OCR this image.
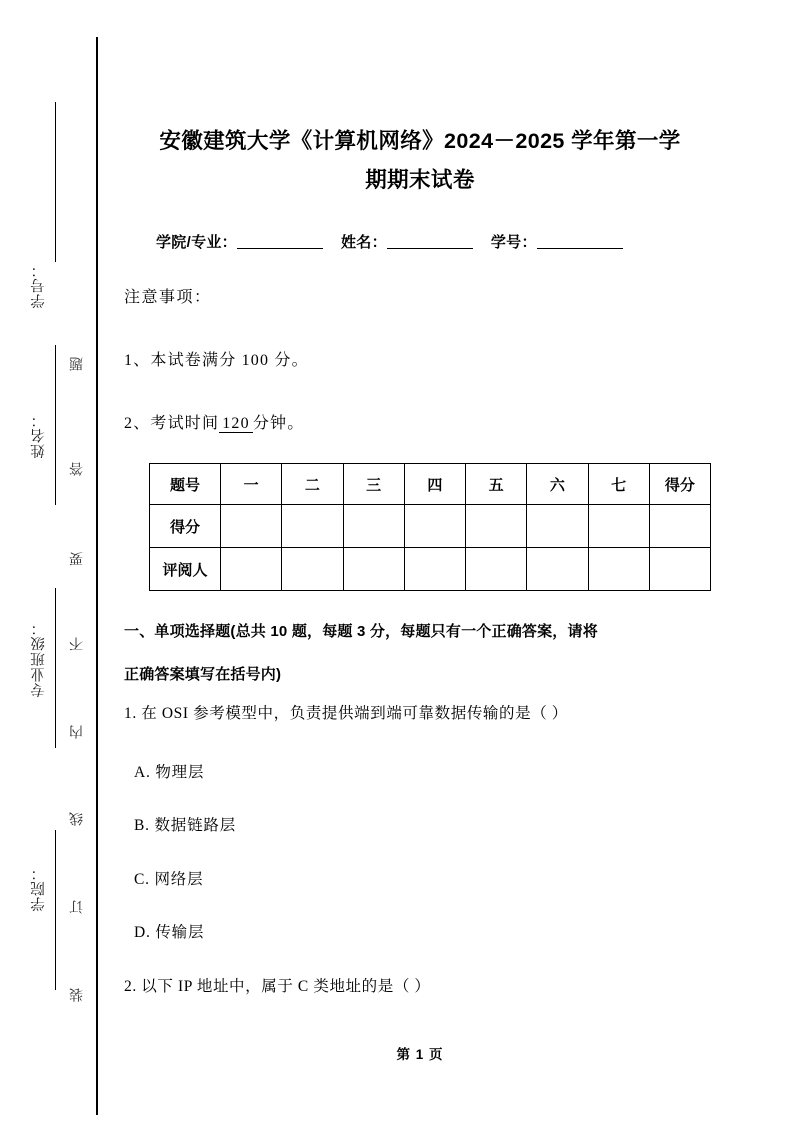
学号：
姓名：
专业班级：
学院：
题
答
要
不
内
线
订
装
安徽建筑大学《计算机网络》2024－2025 学年第一学
期期末试卷
学院/专业：	姓名：	学号：
注意事项：
1、本试卷满分 100 分。
2、考试时间 120 分钟。
题号	一	二	三	四	五	六	七	得分
得分								
评阅人								
一、单项选择题(总共 10 题，每题 3 分，每题只有一个正确答案，请将
正确答案填写在括号内)
1. 在 OSI 参考模型中，负责提供端到端可靠数据传输的是（ ）
A. 物理层
B. 数据链路层
C. 网络层
D. 传输层
2. 以下 IP 地址中，属于 C 类地址的是（ ）
第 1 页
